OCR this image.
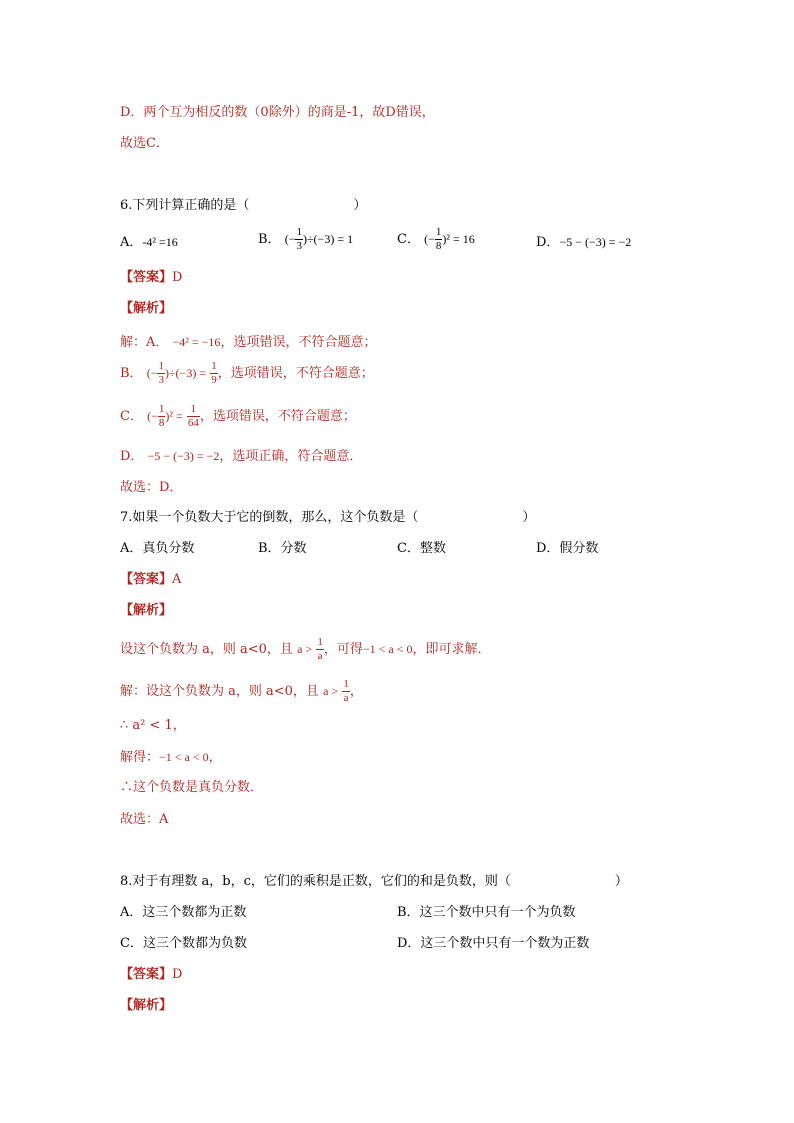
D．两个互为相反的数（0除外）的商是-1，故D错误，
故选C．
6.下列计算正确的是（　　　　　　　　）
A．-4² =16	B． (− $\frac{1}{3} )\div(-3) = 1$	C． (− $\frac{1}{8} )^2 = 16$	D．−5 − (−3) = −2
【答案】D
【解析】
解：A． −4² = −16，选项错误，不符合题意；
B． (− $\frac{1}{3} )\div(-3) = \frac{1}{9}$ ，选项错误，不符合题意；
C． (− $\frac{1}{8} )^2 = \frac{1}{64}$ ，选项错误，不符合题意；
D． −5 − (−3) = −2，选项正确，符合题意．
故选：D．
7.如果一个负数大于它的倒数，那么，这个负数是（　　　　　　　　）
A．真负分数	B．分数	C．整数	D．假分数
【答案】A
【解析】
设这个负数为 a，则 a<0，且 $a > \frac{1}{a}$ ，可得−1 < a < 0，即可求解．
解：设这个负数为 a，则 a<0，且 $a > \frac{1}{a}$ ，
∴ a² < 1，
解得：−1 < a < 0，
∴这个负数是真负分数．
故选：A
8.对于有理数 a，b，c，它们的乘积是正数，它们的和是负数，则（　　　　　　　　）
A．这三个数都为正数	B．这三个数中只有一个为负数
C．这三个数都为负数	D．这三个数中只有一个数为正数
【答案】D
【解析】
